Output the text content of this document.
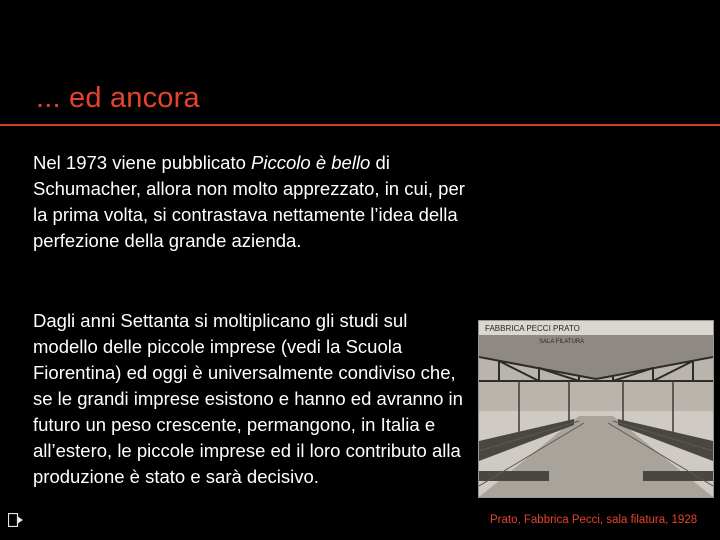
... ed ancora
Nel 1973 viene pubblicato Piccolo è bello di Schumacher, allora non molto apprezzato, in cui, per la prima volta, si contrastava nettamente l’idea della perfezione della grande azienda.
Dagli anni Settanta si moltiplicano gli studi sul modello delle piccole imprese (vedi la Scuola Fiorentina) ed oggi è universalmente condiviso che, se le grandi imprese esistono e hanno ed avranno in futuro un peso crescente, permangono, in Italia e all’estero, le piccole imprese ed il loro contributo alla produzione è stato e sarà decisivo.
FABBRICA PECCI PRATO
SALA FILATURA
Prato, Fabbrica Pecci, sala filatura, 1928
